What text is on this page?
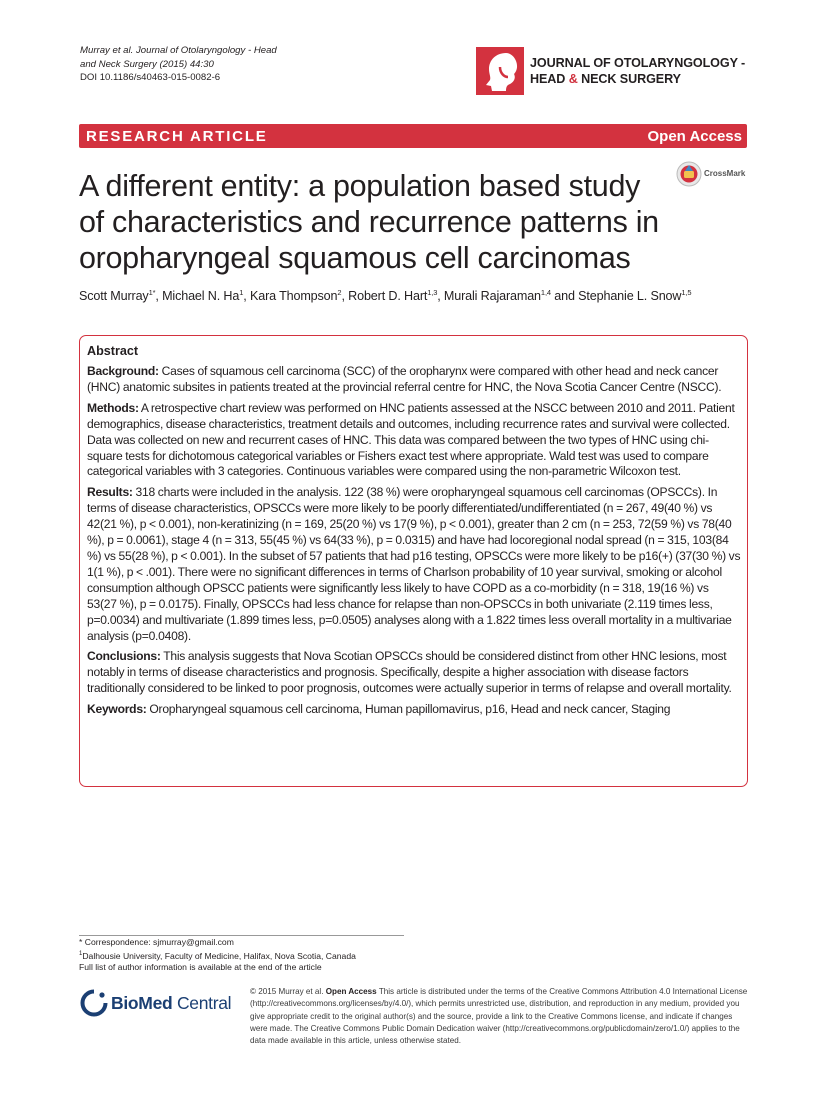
Murray et al. Journal of Otolaryngology - Head
and Neck Surgery (2015) 44:30
DOI 10.1186/s40463-015-0082-6
JOURNAL OF OTOLARYNGOLOGY -
HEAD & NECK SURGERY
RESEARCH ARTICLE	Open Access
A different entity: a population based study of characteristics and recurrence patterns in oropharyngeal squamous cell carcinomas
CrossMark
Scott Murray$^{1*}$, Michael N. Ha$^1$, Kara Thompson$^2$, Robert D. Hart$^{1,3}$, Murali Rajaraman$^{1,4}$ and Stephanie L. Snow$^{1,5}$
Abstract

Background: Cases of squamous cell carcinoma (SCC) of the oropharynx were compared with other head and neck cancer (HNC) anatomic subsites in patients treated at the provincial referral centre for HNC, the Nova Scotia Cancer Centre (NSCC).

Methods: A retrospective chart review was performed on HNC patients assessed at the NSCC between 2010 and 2011. Patient demographics, disease characteristics, treatment details and outcomes, including recurrence rates and survival were collected. Data was collected on new and recurrent cases of HNC. This data was compared between the two types of HNC using chi-square tests for dichotomous categorical variables or Fishers exact test where appropriate. Wald test was used to compare categorical variables with 3 categories. Continuous variables were compared using the non-parametric Wilcoxon test.

Results: 318 charts were included in the analysis. 122 (38 %) were oropharyngeal squamous cell carcinomas (OPSCCs). In terms of disease characteristics, OPSCCs were more likely to be poorly differentiated/undifferentiated (n = 267, 49(40 %) vs 42(21 %), p < 0.001), non-keratinizing (n = 169, 25(20 %) vs 17(9 %), p < 0.001), greater than 2 cm (n = 253, 72(59 %) vs 78(40 %), p = 0.0061), stage 4 (n = 313, 55(45 %) vs 64(33 %), p = 0.0315) and have had locoregional nodal spread (n = 315, 103(84 %) vs 55(28 %), p < 0.001). In the subset of 57 patients that had p16 testing, OPSCCs were more likely to be p16(+) (37(30 %) vs 1(1 %), p < .001). There were no significant differences in terms of Charlson probability of 10 year survival, smoking or alcohol consumption although OPSCC patients were significantly less likely to have COPD as a co-morbidity (n = 318, 19(16 %) vs 53(27 %), p = 0.0175). Finally, OPSCCs had less chance for relapse than non-OPSCCs in both univariate (2.119 times less, p=0.0034) and multivariate (1.899 times less, p=0.0505) analyses along with a 1.822 times less overall mortality in a multivariae analysis (p=0.0408).

Conclusions: This analysis suggests that Nova Scotian OPSCCs should be considered distinct from other HNC lesions, most notably in terms of disease characteristics and prognosis. Specifically, despite a higher association with disease factors traditionally considered to be linked to poor prognosis, outcomes were actually superior in terms of relapse and overall mortality.

Keywords: Oropharyngeal squamous cell carcinoma, Human papillomavirus, p16, Head and neck cancer, Staging

* Correspondence: sjmurray@gmail.com
$^1$Dalhousie University, Faculty of Medicine, Halifax, Nova Scotia, Canada
Full list of author information is available at the end of the article
BioMed Central
© 2015 Murray et al. Open Access This article is distributed under the terms of the Creative Commons Attribution 4.0 International License (http://creativecommons.org/licenses/by/4.0/), which permits unrestricted use, distribution, and reproduction in any medium, provided you give appropriate credit to the original author(s) and the source, provide a link to the Creative Commons license, and indicate if changes were made. The Creative Commons Public Domain Dedication waiver (http://creativecommons.org/publicdomain/zero/1.0/) applies to the data made available in this article, unless otherwise stated.
